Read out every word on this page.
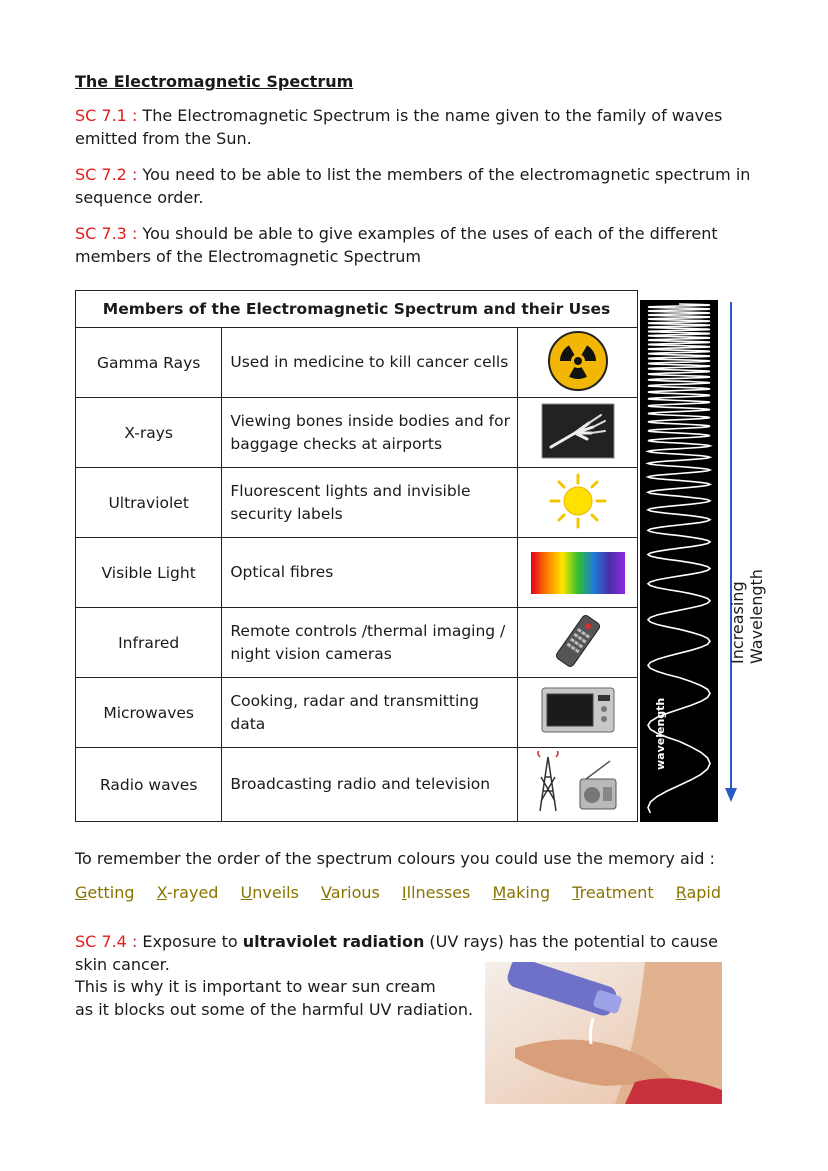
The Electromagnetic Spectrum
SC 7.1 : The Electromagnetic Spectrum is the name given to the family of waves emitted from the Sun.
SC 7.2 : You need to be able to list the members of the electromagnetic spectrum in sequence order.
SC 7.3 : You should be able to give examples of the uses of each of the different members of the Electromagnetic Spectrum
Members of the Electromagnetic Spectrum and their Uses		
Gamma Rays	Used in medicine to kill cancer cells	
X-rays	Viewing bones inside bodies and for baggage checks at airports	
Ultraviolet	Fluorescent lights and invisible security labels	
Visible Light	Optical fibres	

Infrared	Remote controls /thermal imaging / night vision cameras	
Microwaves	Cooking, radar and transmitting data	
Radio waves	Broadcasting radio and television	
wavelength
Increasing Wavelength
To remember the order of the spectrum colours you could use the memory aid :
Getting X-rayed Unveils Various Illnesses Making Treatment Rapid
SC 7.4 : Exposure to ultraviolet radiation (UV rays) has the potential to cause skin cancer.
This is why it is important to wear sun cream
as it blocks out some of the harmful UV radiation.
